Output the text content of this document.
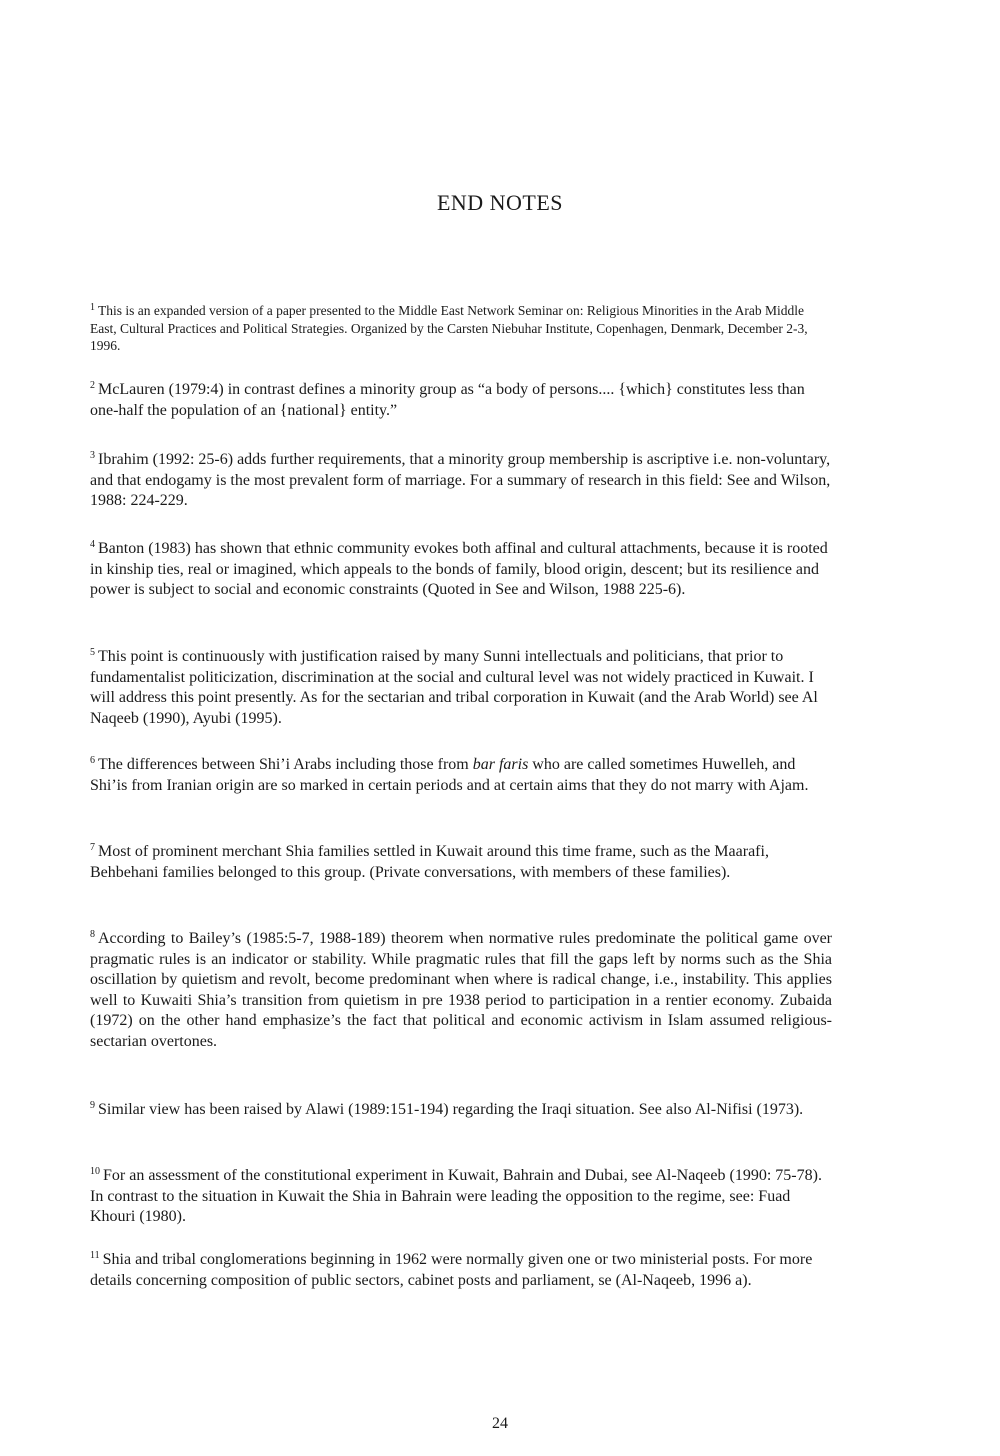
END NOTES

$^1$ This is an expanded version of a paper presented to the Middle East Network Seminar on: Religious Minorities in the Arab Middle East, Cultural Practices and Political Strategies. Organized by the Carsten Niebuhar Institute, Copenhagen, Denmark, December 2-3, 1996.

$^2$ McLauren (1979:4) in contrast defines a minority group as “a body of persons.... {which} constitutes less than one-half the population of an {national} entity.”

$^3$ Ibrahim (1992: 25-6) adds further requirements, that a minority group membership is ascriptive i.e. non-voluntary, and that endogamy is the most prevalent form of marriage. For a summary of research in this field: See and Wilson, 1988: 224-229.

$^4$ Banton (1983) has shown that ethnic community evokes both affinal and cultural attachments, because it is rooted in kinship ties, real or imagined, which appeals to the bonds of family, blood origin, descent; but its resilience and power is subject to social and economic constraints (Quoted in See and Wilson, 1988 225-6).

$^5$ This point is continuously with justification raised by many Sunni intellectuals and politicians, that prior to fundamentalist politicization, discrimination at the social and cultural level was not widely practiced in Kuwait. I will address this point presently. As for the sectarian and tribal corporation in Kuwait (and the Arab World) see Al Naqeeb (1990), Ayubi (1995).

$^6$ The differences between Shi’i Arabs including those from bar faris who are called sometimes Huwelleh, and Shi’is from Iranian origin are so marked in certain periods and at certain aims that they do not marry with Ajam.

$^7$ Most of prominent merchant Shia families settled in Kuwait around this time frame, such as the Maarafi, Behbehani families belonged to this group. (Private conversations, with members of these families).

$^8$ According to Bailey’s (1985:5-7, 1988-189) theorem when normative rules predominate the political game over pragmatic rules is an indicator or stability. While pragmatic rules that fill the gaps left by norms such as the Shia oscillation by quietism and revolt, become predominant when where is radical change, i.e., instability. This applies well to Kuwaiti Shia’s transition from quietism in pre 1938 period to participation in a rentier economy. Zubaida (1972) on the other hand emphasize’s the fact that political and economic activism in Islam assumed religious-sectarian overtones.

$^9$ Similar view has been raised by Alawi (1989:151-194) regarding the Iraqi situation. See also Al-Nifisi (1973).

$^{10}$ For an assessment of the constitutional experiment in Kuwait, Bahrain and Dubai, see Al-Naqeeb (1990: 75-78). In contrast to the situation in Kuwait the Shia in Bahrain were leading the opposition to the regime, see: Fuad Khouri (1980).

$^{11}$ Shia and tribal conglomerations beginning in 1962 were normally given one or two ministerial posts. For more details concerning composition of public sectors, cabinet posts and parliament, se (Al-Naqeeb, 1996 a).

24
